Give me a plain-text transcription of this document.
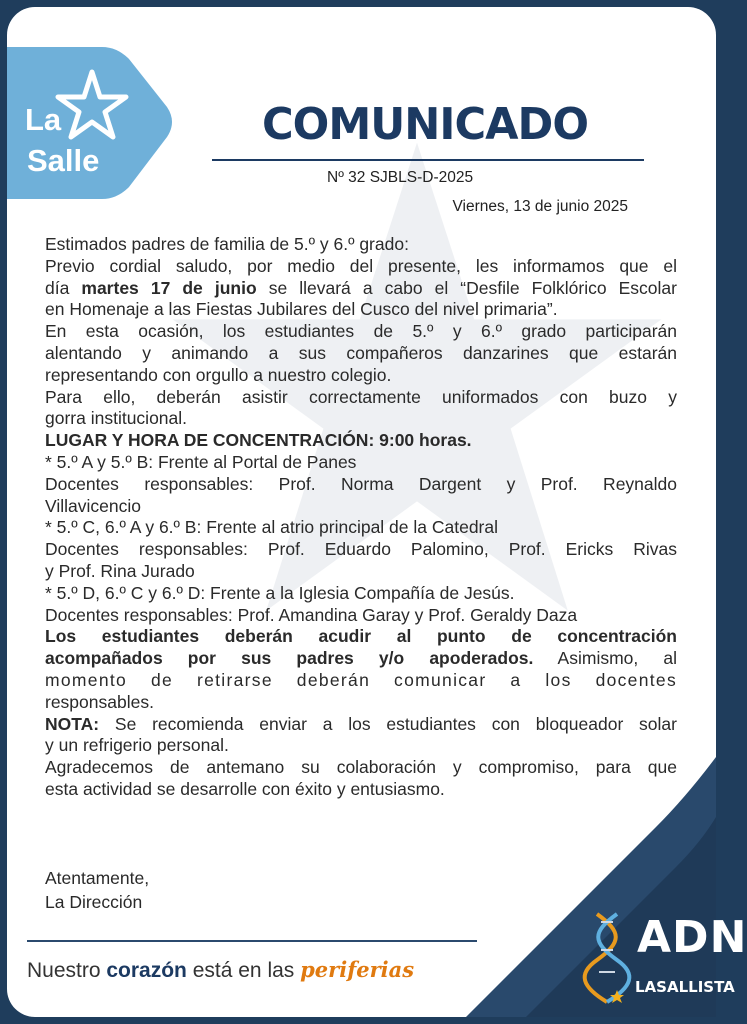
La
Salle
COMUNICADO
Nº 32 SJBLS-D-2025
Viernes, 13 de junio 2025

Estimados padres de familia de 5.º y 6.º grado:

Previo cordial saludo, por medio del presente, les informamos que el

día martes 17 de junio se llevará a cabo el “Desfile Folklórico Escolar

en Homenaje a las Fiestas Jubilares del Cusco del nivel primaria”.

En esta ocasión, los estudiantes de 5.º y 6.º grado participarán

alentando y animando a sus compañeros danzarines que estarán

representando con orgullo a nuestro colegio.

Para ello, deberán asistir correctamente uniformados con buzo y

gorra institucional.

LUGAR Y HORA DE CONCENTRACIÓN: 9:00 horas.

* 5.º A y 5.º B: Frente al Portal de Panes

Docentes responsables: Prof. Norma Dargent y Prof. Reynaldo

Villavicencio

* 5.º C, 6.º A y 6.º B: Frente al atrio principal de la Catedral

Docentes responsables: Prof. Eduardo Palomino, Prof. Ericks Rivas

y Prof. Rina Jurado

* 5.º D, 6.º C y 6.º D: Frente a la Iglesia Compañía de Jesús.

Docentes responsables: Prof. Amandina Garay y Prof. Geraldy Daza

Los estudiantes deberán acudir al punto de concentración

acompañados por sus padres y/o apoderados. Asimismo, al

momento de retirarse deberán comunicar a los docentes

responsables.

NOTA: Se recomienda enviar a los estudiantes con bloqueador solar

y un refrigerio personal.

Agradecemos de antemano su colaboración y compromiso, para que

esta actividad se desarrolle con éxito y entusiasmo.

Atentamente,
La Dirección
Nuestro corazón está en las periferias
ADN
LASALLISTA
